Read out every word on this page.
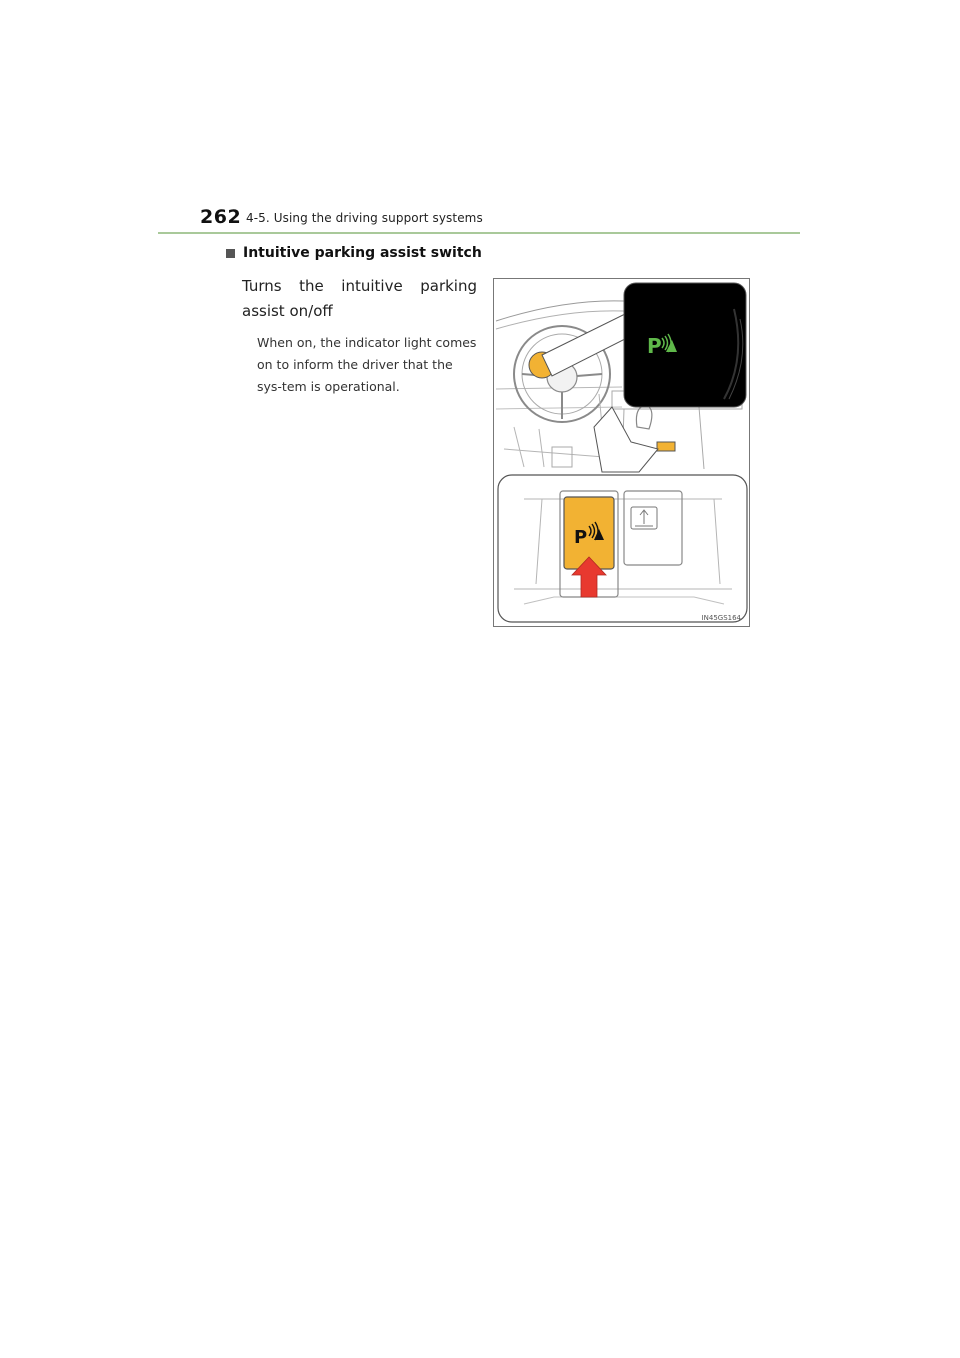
262 4-5. Using the driving support systems
Intuitive parking assist switch
Turns the intuitive parking assist on/off
When on, the indicator light comes on to inform the driver that the sys-tem is operational.
P
P
IN45GS164
